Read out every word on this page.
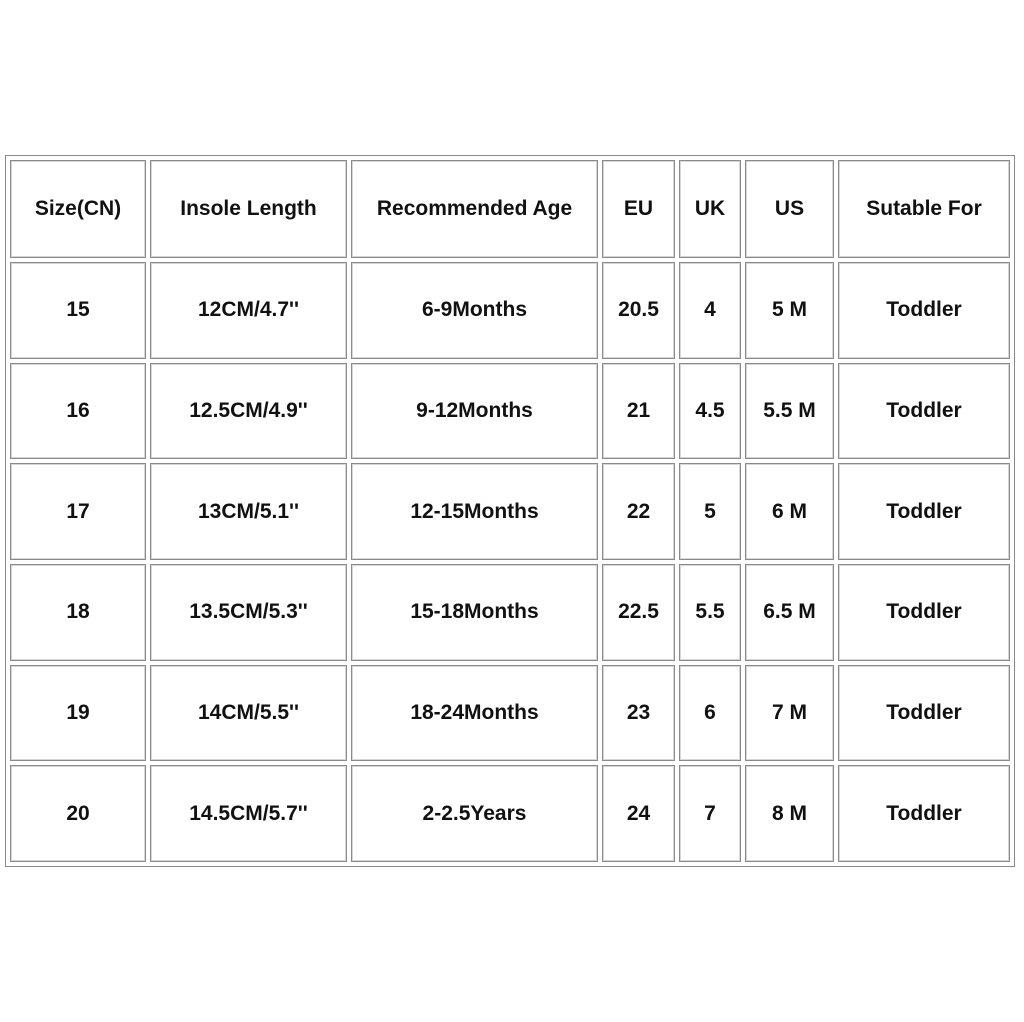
Size(CN)	Insole Length	Recommended Age	EU	UK	US	Sutable For
15	12CM/4.7''	6-9Months	20.5	4	5 M	Toddler
16	12.5CM/4.9''	9-12Months	21	4.5	5.5 M	Toddler
17	13CM/5.1''	12-15Months	22	5	6 M	Toddler
18	13.5CM/5.3''	15-18Months	22.5	5.5	6.5 M	Toddler
19	14CM/5.5''	18-24Months	23	6	7 M	Toddler
20	14.5CM/5.7''	2-2.5Years	24	7	8 M	Toddler
